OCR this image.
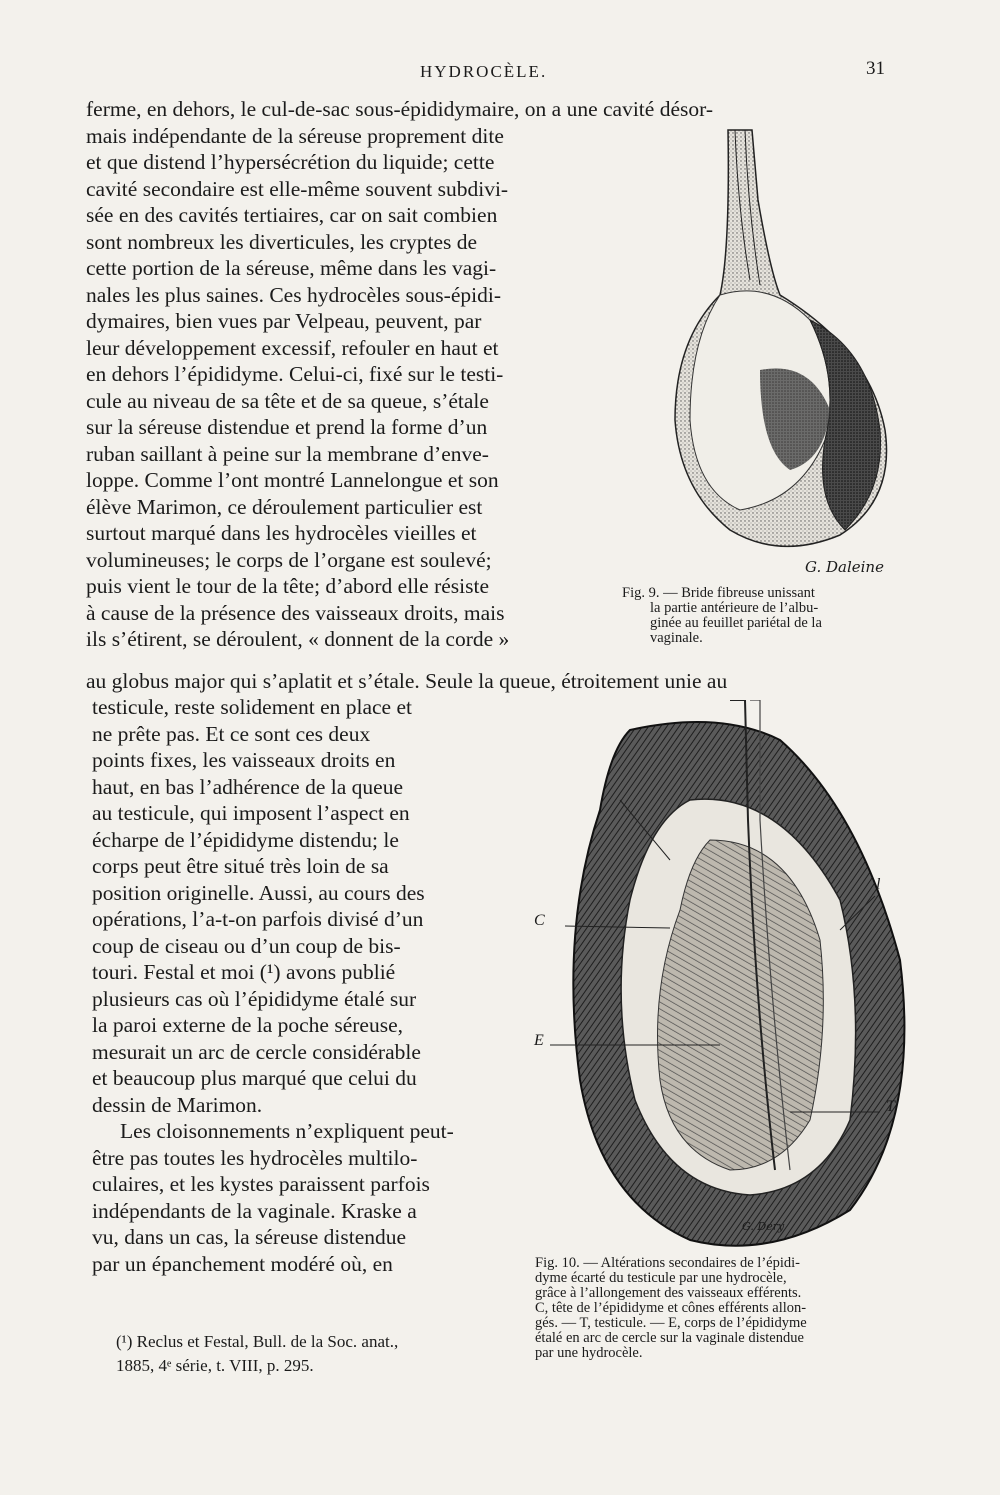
HYDROCÈLE.	31
ferme, en dehors, le cul-de-sac sous-épididymaire, on a une cavité désor-
mais indépendante de la séreuse proprement dite
et que distend l’hypersécrétion du liquide; cette
cavité secondaire est elle-même souvent subdivi-
sée en des cavités tertiaires, car on sait combien
sont nombreux les diverticules, les cryptes de
cette portion de la séreuse, même dans les vagi-
nales les plus saines. Ces hydrocèles sous-épidi-
dymaires, bien vues par Velpeau, peuvent, par
leur développement excessif, refouler en haut et
en dehors l’épididyme. Celui-ci, fixé sur le testi-
cule au niveau de sa tête et de sa queue, s’étale
sur la séreuse distendue et prend la forme d’un
ruban saillant à peine sur la membrane d’enve-
loppe. Comme l’ont montré Lannelongue et son
élève Marimon, ce déroulement particulier est
surtout marqué dans les hydrocèles vieilles et
volumineuses; le corps de l’organe est soulevé;
puis vient le tour de la tête; d’abord elle résiste
à cause de la présence des vaisseaux droits, mais
ils s’étirent, se déroulent, « donnent de la corde »
au globus major qui s’aplatit et s’étale. Seule la queue, étroitement unie au
testicule, reste solidement en place et
ne prête pas. Et ce sont ces deux
points fixes, les vaisseaux droits en
haut, en bas l’adhérence de la queue
au testicule, qui imposent l’aspect en
écharpe de l’épididyme distendu; le
corps peut être situé très loin de sa
position originelle. Aussi, au cours des
opérations, l’a-t-on parfois divisé d’un
coup de ciseau ou d’un coup de bis-
touri. Festal et moi (¹) avons publié
plusieurs cas où l’épididyme étalé sur
la paroi externe de la poche séreuse,
mesurait un arc de cercle considérable
et beaucoup plus marqué que celui du
dessin de Marimon.
Les cloisonnements n’expliquent peut-
être pas toutes les hydrocèles multilo-
culaires, et les kystes paraissent parfois
indépendants de la vaginale. Kraske a
vu, dans un cas, la séreuse distendue
par un épanchement modéré où, en
(¹) Reclus et Festal, Bull. de la Soc. anat.,
1885, 4ᵉ série, t. VIII, p. 295.
G. Daleine
Fig. 9. — Bride fibreuse unissant
la partie antérieure de l’albu-
ginée au feuillet pariétal de la
vaginale.
l
C
E
T
G. Dery
Fig. 10. — Altérations secondaires de l’épidi-
dyme écarté du testicule par une hydrocèle,
grâce à l’allongement des vaisseaux efférents.
C, tête de l’épididyme et cônes efférents allon-
gés. — T, testicule. — E, corps de l’épididyme
étalé en arc de cercle sur la vaginale distendue
par une hydrocèle.
